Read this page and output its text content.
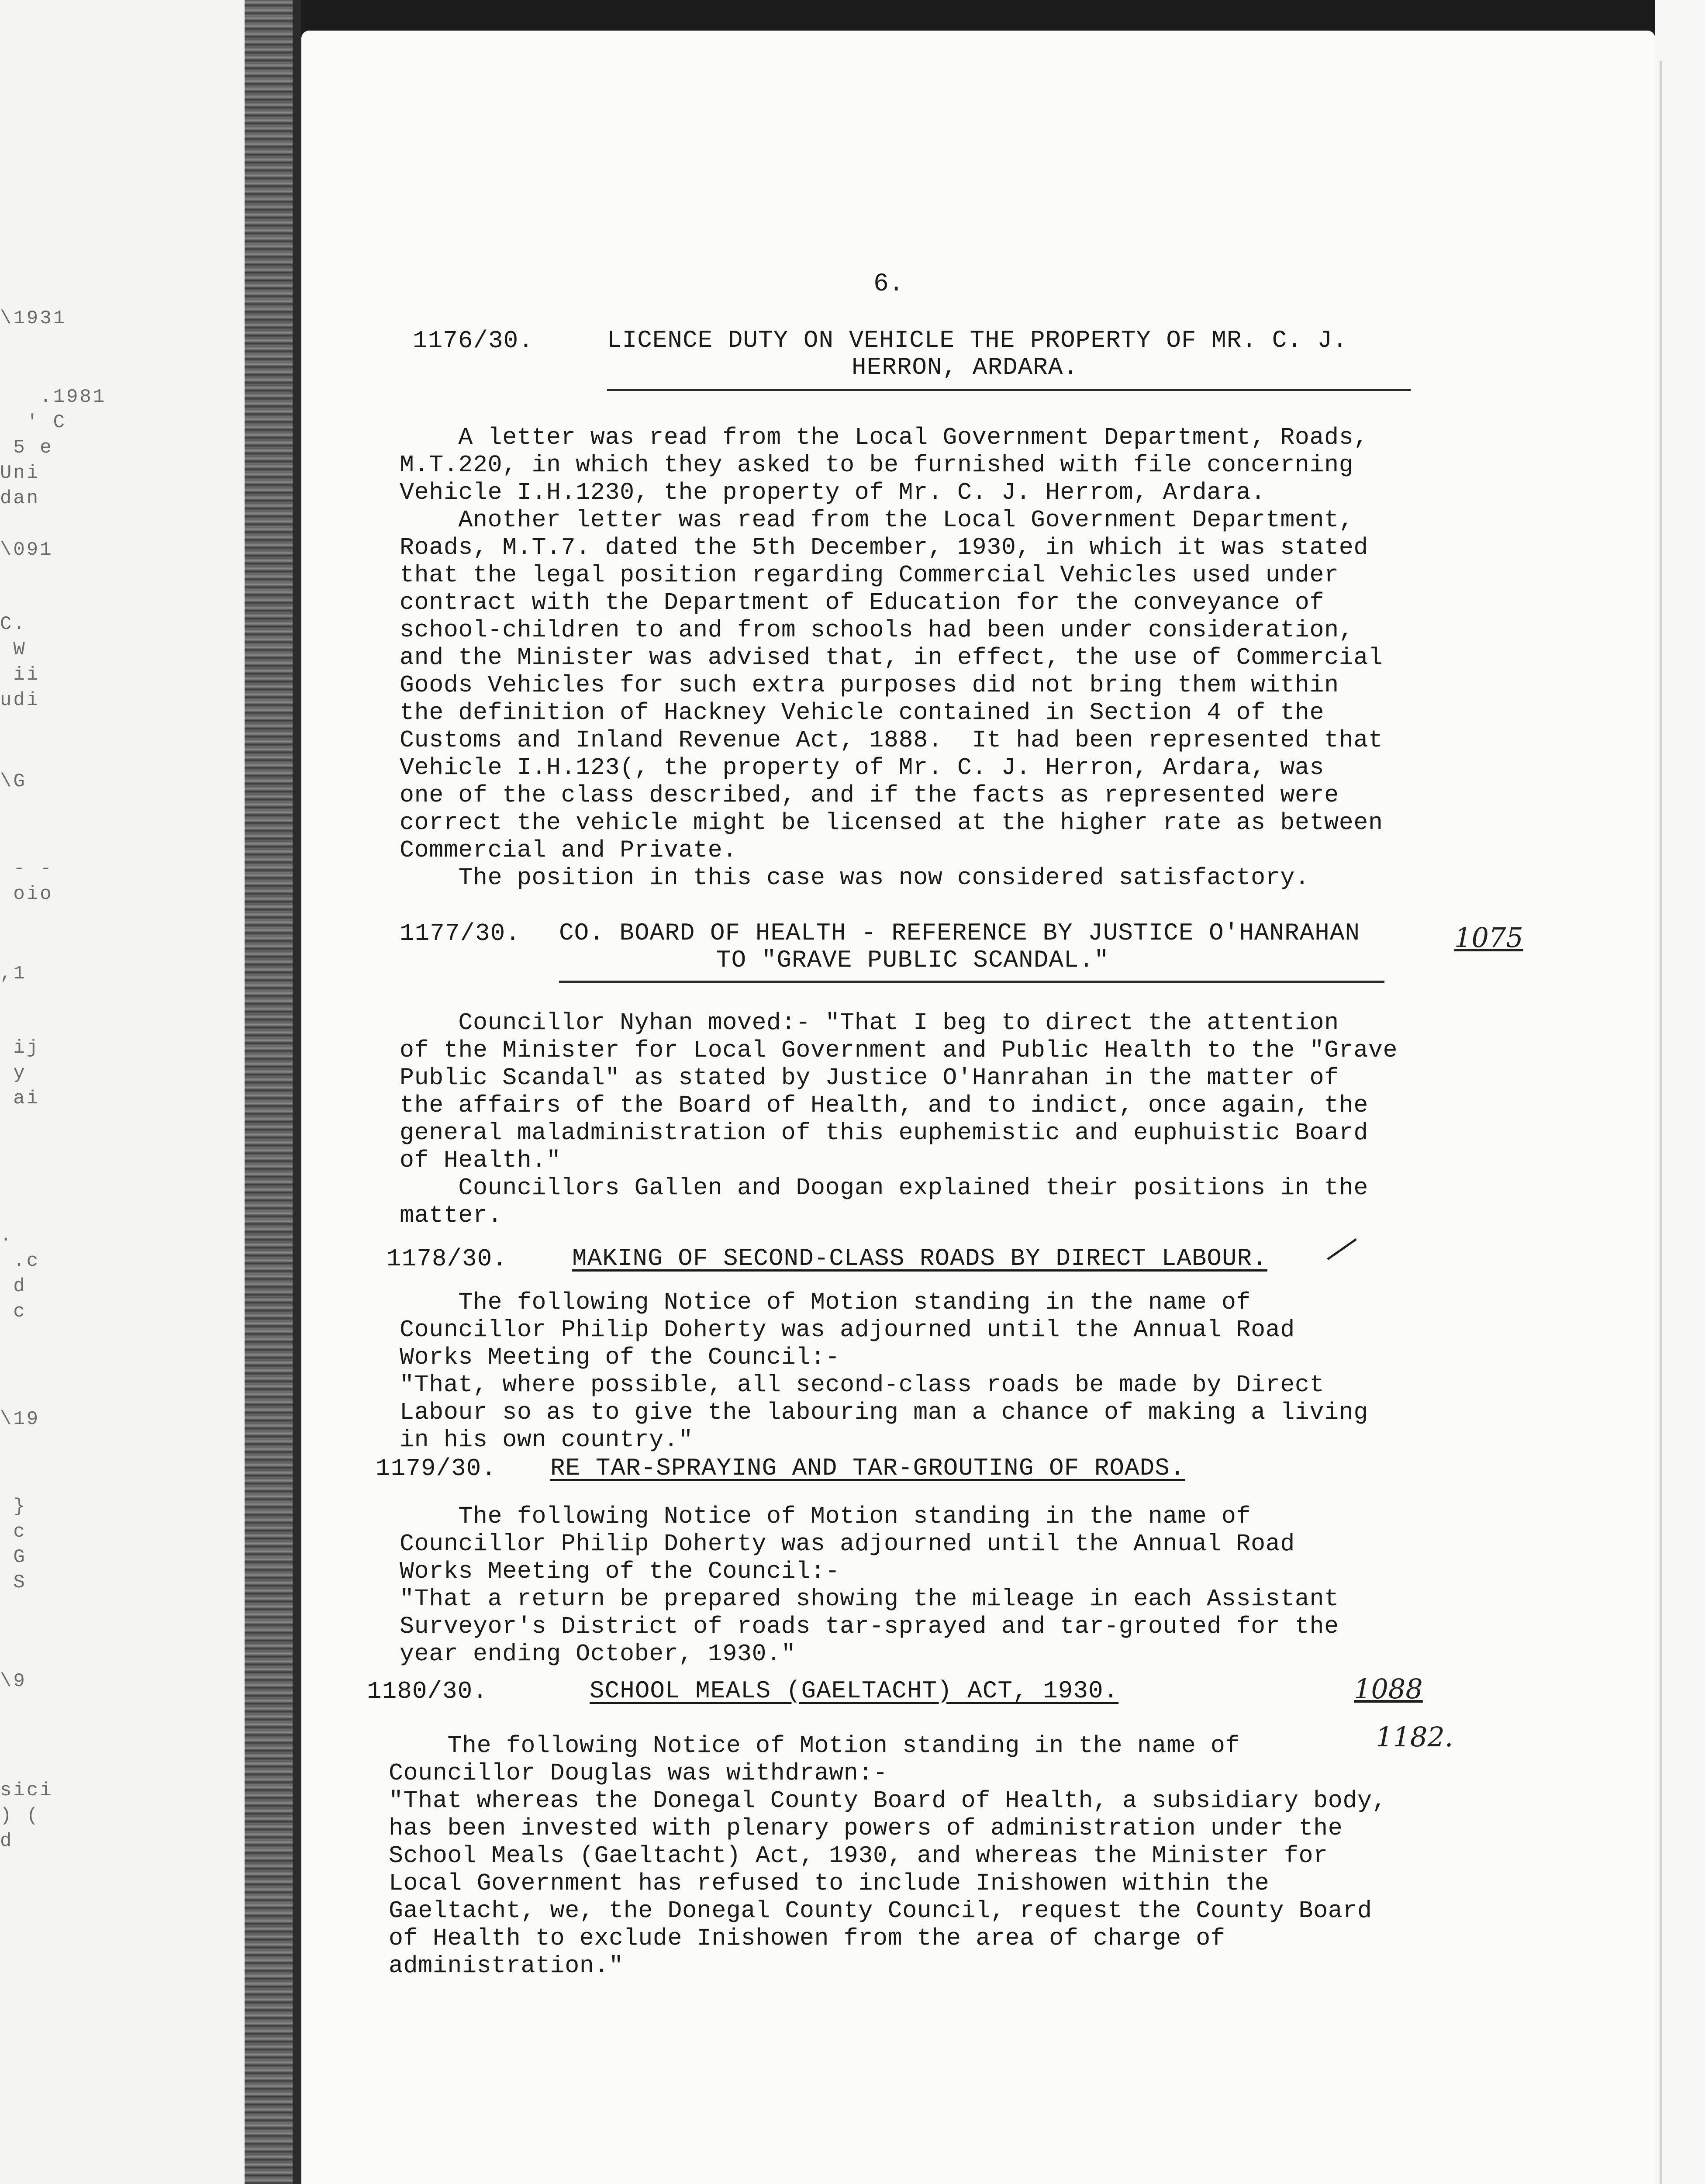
\1931
.1981
' C
5 e
Uni
dan
\091
C.
W
ii
udi
\G
- -
oio

,1
ij
y
ai
.
.c
d
c
\19
}
c
G
S
\9
sici
) (
d
6.
1176/30.	LICENCE DUTY ON VEHICLE THE PROPERTY OF MR. C. J.
HERRON, ARDARA.
A letter was read from the Local Government Department, Roads,
M.T.220, in which they asked to be furnished with file concerning
Vehicle I.H.1230, the property of Mr. C. J. Herrom, Ardara.
Another letter was read from the Local Government Department,
Roads, M.T.7. dated the 5th December, 1930, in which it was stated
that the legal position regarding Commercial Vehicles used under
contract with the Department of Education for the conveyance of
school-children to and from schools had been under consideration,
and the Minister was advised that, in effect, the use of Commercial
Goods Vehicles for such extra purposes did not bring them within
the definition of Hackney Vehicle contained in Section 4 of the
Customs and Inland Revenue Act, 1888.  It had been represented that
Vehicle I.H.123(, the property of Mr. C. J. Herron, Ardara, was
one of the class described, and if the facts as represented were
correct the vehicle might be licensed at the higher rate as between
Commercial and Private.
The position in this case was now considered satisfactory.
1177/30. CO. BOARD OF HEALTH - REFERENCE BY JUSTICE O'HANRAHAN
TO "GRAVE PUBLIC SCANDAL."
1075
Councillor Nyhan moved:- "That I beg to direct the attention
of the Minister for Local Government and Public Health to the "Grave
Public Scandal" as stated by Justice O'Hanrahan in the matter of
the affairs of the Board of Health, and to indict, once again, the
general maladministration of this euphemistic and euphuistic Board
of Health."
Councillors Gallen and Doogan explained their positions in the
matter.
1178/30.	MAKING OF SECOND-CLASS ROADS BY DIRECT LABOUR.
The following Notice of Motion standing in the name of
Councillor Philip Doherty was adjourned until the Annual Road
Works Meeting of the Council:-
"That, where possible, all second-class roads be made by Direct
Labour so as to give the labouring man a chance of making a living
in his own country."
1179/30. RE TAR-SPRAYING AND TAR-GROUTING OF ROADS.
The following Notice of Motion standing in the name of
Councillor Philip Doherty was adjourned until the Annual Road
Works Meeting of the Council:-
"That a return be prepared showing the mileage in each Assistant
Surveyor's District of roads tar-sprayed and tar-grouted for the
year ending October, 1930."
1180/30.	SCHOOL MEALS (GAELTACHT) ACT, 1930.	1088
1182.
The following Notice of Motion standing in the name of
Councillor Douglas was withdrawn:-
"That whereas the Donegal County Board of Health, a subsidiary body,
has been invested with plenary powers of administration under the
School Meals (Gaeltacht) Act, 1930, and whereas the Minister for
Local Government has refused to include Inishowen within the
Gaeltacht, we, the Donegal County Council, request the County Board
of Health to exclude Inishowen from the area of charge of
administration."
